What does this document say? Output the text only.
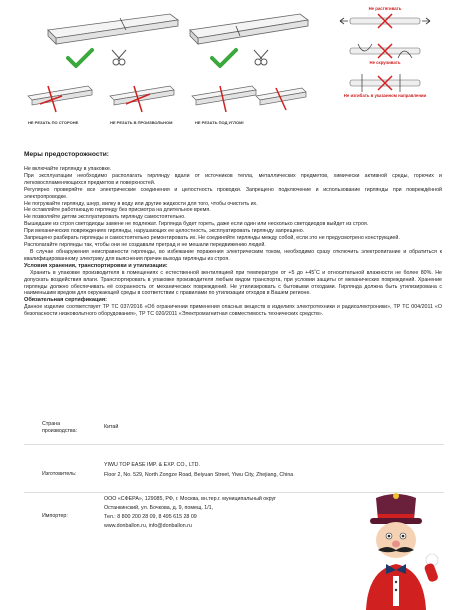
НЕ РЕЗАТЬ ПО СТОРОНЕ	НЕ РЕЗАТЬ В ПРОИЗВОЛЬНОМ	НЕ РЕЗАТЬ ПОД УГЛОМ!
Не растягивать
Не скручивать
Не изгибать в указанном направлении

Меры предосторожности:

Не включайте гирлянду в упаковке.

При эксплуатации необходимо располагать гирлянду вдали от источников тепла, металлических предметов, химически активной среды, горючих и легковоспламеняющихся предметов и поверхностей.

Регулярно проверяйте все электрические соединения и целостность проводки. Запрещено подключение и использование гирлянды при повреждённой электропроводке.

Не погружайте гирлянду, шнур, вилку в воду или другие жидкости для того, чтобы очистить их.

Не оставляйте работающую гирлянду без присмотра на длительное время.

Не позволяйте детям эксплуатировать гирлянду самостоятельно.

Вышедшие из строя светодиоды замене не подлежат. Гирлянда будет гореть, даже если один или несколько светодиодов выйдет из строя.

При механических повреждениях гирлянды, нарушающих ее целостность, эксплуатировать гирлянду запрещено.

Запрещено разбирать гирлянды и самостоятельно ремонтировать их. Не соединяйте гирлянды между собой, если это не предусмотрено конструкцией.

Располагайте гирлянды так, чтобы они не создавали преград и не мешали передвижению людей.

В случае обнаружения неисправности гирлянды, во избежание поражения электрическим током, необходимо сразу отключить электропитание и обратиться к квалифицированному электрику для выяснения причин выхода гирлянды из строя.

Условия хранения, транспортировки и утилизации:

Хранить в упаковке производителя в помещениях с естественной вентиляцией при температуре от +5 до +45˚С и относительной влажности не более 80%. Не допускать воздействия влаги. Транспортировать в упаковке производителя любым видом транспорта, при условии защиты от механических повреждений. Хранение гирлянды должно обеспечивать её сохранность от механических повреждений. Не утилизировать с бытовыми отходами. Гирлянда должна быть утилизирована с наименьшим вредом для окружающей среды в соответствии с правилами по утилизации отходов в Вашем регионе.

Обязательная сертификация:

Данное изделие соответствует ТР ТС 037/2016 «Об ограничении применения опасных веществ в изделиях электротехники и радиоэлектроники», ТР ТС 004/2011 «О безопасности низковольтного оборудования», ТР ТС 020/2011 «Электромагнитная совместимость технических средств».

Страна производства:
Китай
Изготовитель:
YIWU TOP EASE IMP. & EXP. CO., LTD.
Floor 2, No. 529, North Zongze Road, Beiyuan Street, Yiwu City, Zhejiang, China
Импортер:
ООО «СФЕРА», 129085, РФ, г. Москва, вн.тер.г. муниципальный округ
Останкинский, ул. Бочкова, д. 9, помещ. 1/1,
Тел.: 8 800 200 28 09, 8 495 615 28 09
www.donballon.ru, info@donballon.ru
